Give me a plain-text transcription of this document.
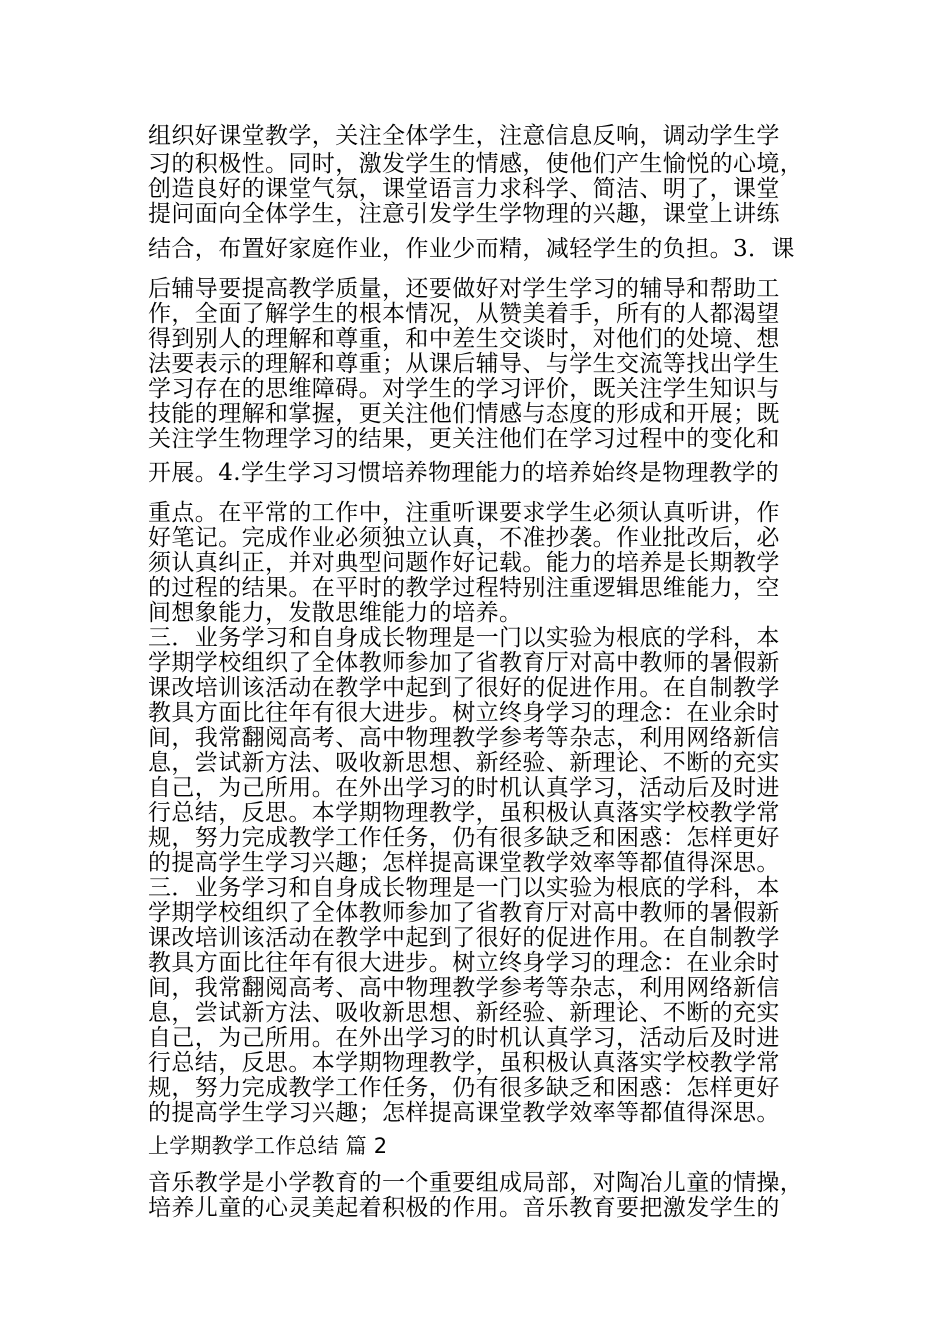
组织好课堂教学，关注全体学生，注意信息反响，调动学生学
习的积极性。同时，激发学生的情感，使他们产生愉悦的心境，
创造良好的课堂气氛，课堂语言力求科学、简洁、明了，课堂
提问面向全体学生，注意引发学生学物理的兴趣，课堂上讲练
结合，布置好家庭作业，作业少而精，减轻学生的负担。3．课
后辅导要提高教学质量，还要做好对学生学习的辅导和帮助工
作，全面了解学生的根本情况，从赞美着手，所有的人都渴望
得到别人的理解和尊重，和中差生交谈时，对他们的处境、想
法要表示的理解和尊重；从课后辅导、与学生交流等找出学生
学习存在的思维障碍。对学生的学习评价，既关注学生知识与
技能的理解和掌握，更关注他们情感与态度的形成和开展；既
关注学生物理学习的结果，更关注他们在学习过程中的变化和
开展。4.学生学习习惯培养物理能力的培养始终是物理教学的
重点。在平常的工作中，注重听课要求学生必须认真听讲，作
好笔记。完成作业必须独立认真，不准抄袭。作业批改后，必
须认真纠正，并对典型问题作好记载。能力的培养是长期教学
的过程的结果。在平时的教学过程特别注重逻辑思维能力，空
间想象能力，发散思维能力的培养。
三．业务学习和自身成长物理是一门以实验为根底的学科，本
学期学校组织了全体教师参加了省教育厅对高中教师的暑假新
课改培训该活动在教学中起到了很好的促进作用。在自制教学
教具方面比往年有很大进步。树立终身学习的理念：在业余时
间，我常翻阅高考、高中物理教学参考等杂志，利用网络新信
息，尝试新方法、吸收新思想、新经验、新理论、不断的充实
自己，为己所用。在外出学习的时机认真学习，活动后及时进
行总结，反思。本学期物理教学，虽积极认真落实学校教学常
规，努力完成教学工作任务，仍有很多缺乏和困惑：怎样更好
的提高学生学习兴趣；怎样提高课堂教学效率等都值得深思。
三．业务学习和自身成长物理是一门以实验为根底的学科，本
学期学校组织了全体教师参加了省教育厅对高中教师的暑假新
课改培训该活动在教学中起到了很好的促进作用。在自制教学
教具方面比往年有很大进步。树立终身学习的理念：在业余时
间，我常翻阅高考、高中物理教学参考等杂志，利用网络新信
息，尝试新方法、吸收新思想、新经验、新理论、不断的充实
自己，为己所用。在外出学习的时机认真学习，活动后及时进
行总结，反思。本学期物理教学，虽积极认真落实学校教学常
规，努力完成教学工作任务，仍有很多缺乏和困惑：怎样更好
的提高学生学习兴趣；怎样提高课堂教学效率等都值得深思。
上学期教学工作总结 篇 2
音乐教学是小学教育的一个重要组成局部，对陶冶儿童的情操，
培养儿童的心灵美起着积极的作用。音乐教育要把激发学生的
